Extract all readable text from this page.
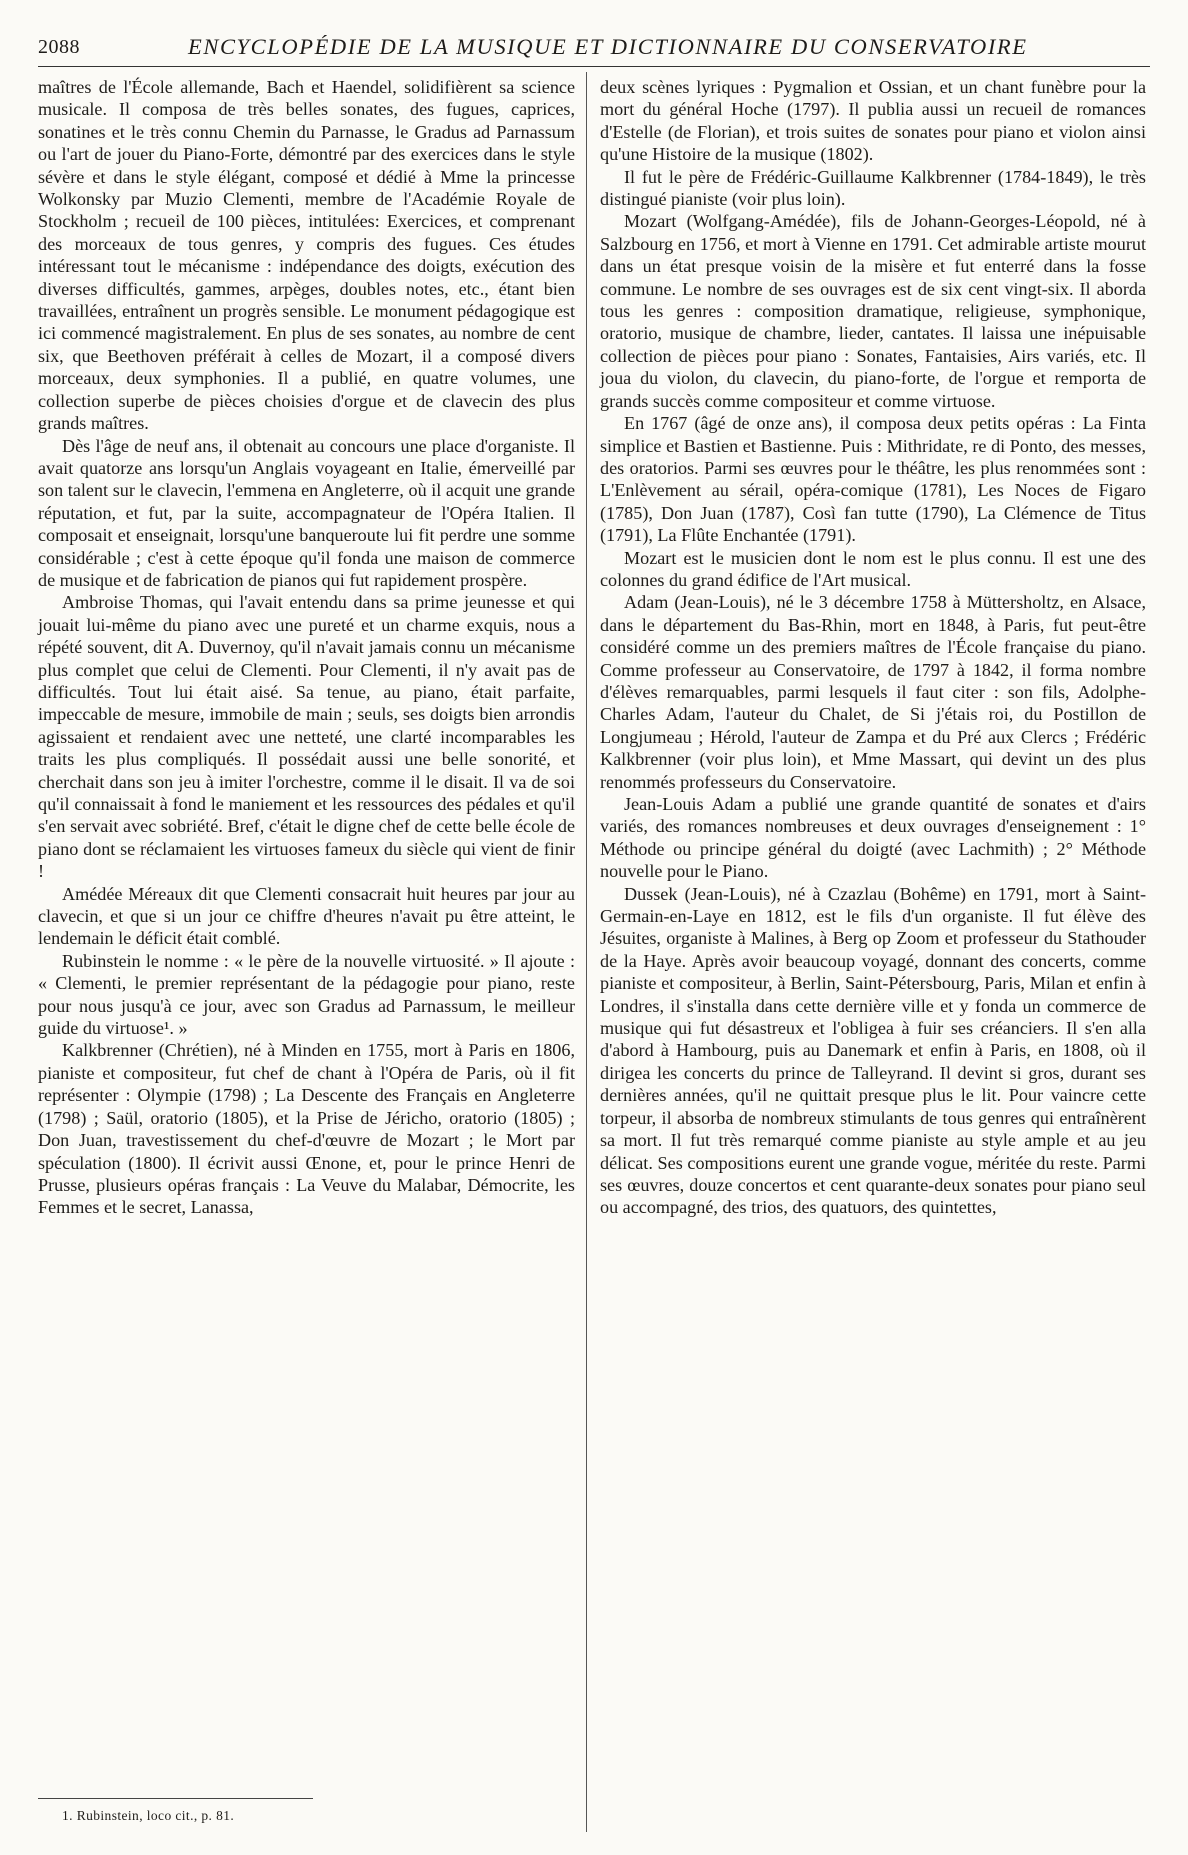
2088	ENCYCLOPÉDIE DE LA MUSIQUE ET DICTIONNAIRE DU CONSERVATOIRE

maîtres de l'École allemande, Bach et Haendel, solidifièrent sa science musicale. Il composa de très belles sonates, des fugues, caprices, sonatines et le très connu Chemin du Parnasse, le Gradus ad Parnassum ou l'art de jouer du Piano-Forte, démontré par des exercices dans le style sévère et dans le style élégant, composé et dédié à Mme la princesse Wolkonsky par Muzio Clementi, membre de l'Académie Royale de Stockholm ; recueil de 100 pièces, intitulées: Exercices, et comprenant des morceaux de tous genres, y compris des fugues. Ces études intéressant tout le mécanisme : indépendance des doigts, exécution des diverses difficultés, gammes, arpèges, doubles notes, etc., étant bien travaillées, entraînent un progrès sensible. Le monument pédagogique est ici commencé magistralement. En plus de ses sonates, au nombre de cent six, que Beethoven préférait à celles de Mozart, il a composé divers morceaux, deux symphonies. Il a publié, en quatre volumes, une collection superbe de pièces choisies d'orgue et de clavecin des plus grands maîtres.

Dès l'âge de neuf ans, il obtenait au concours une place d'organiste. Il avait quatorze ans lorsqu'un Anglais voyageant en Italie, émerveillé par son talent sur le clavecin, l'emmena en Angleterre, où il acquit une grande réputation, et fut, par la suite, accompagnateur de l'Opéra Italien. Il composait et enseignait, lorsqu'une banqueroute lui fit perdre une somme considérable ; c'est à cette époque qu'il fonda une maison de commerce de musique et de fabrication de pianos qui fut rapidement prospère.

Ambroise Thomas, qui l'avait entendu dans sa prime jeunesse et qui jouait lui-même du piano avec une pureté et un charme exquis, nous a répété souvent, dit A. Duvernoy, qu'il n'avait jamais connu un mécanisme plus complet que celui de Clementi. Pour Clementi, il n'y avait pas de difficultés. Tout lui était aisé. Sa tenue, au piano, était parfaite, impeccable de mesure, immobile de main ; seuls, ses doigts bien arrondis agissaient et rendaient avec une netteté, une clarté incomparables les traits les plus compliqués. Il possédait aussi une belle sonorité, et cherchait dans son jeu à imiter l'orchestre, comme il le disait. Il va de soi qu'il connaissait à fond le maniement et les ressources des pédales et qu'il s'en servait avec sobriété. Bref, c'était le digne chef de cette belle école de piano dont se réclamaient les virtuoses fameux du siècle qui vient de finir !

Amédée Méreaux dit que Clementi consacrait huit heures par jour au clavecin, et que si un jour ce chiffre d'heures n'avait pu être atteint, le lendemain le déficit était comblé.

Rubinstein le nomme : « le père de la nouvelle virtuosité. » Il ajoute : « Clementi, le premier représentant de la pédagogie pour piano, reste pour nous jusqu'à ce jour, avec son Gradus ad Parnassum, le meilleur guide du virtuose¹. »

Kalkbrenner (Chrétien), né à Minden en 1755, mort à Paris en 1806, pianiste et compositeur, fut chef de chant à l'Opéra de Paris, où il fit représenter : Olympie (1798) ; La Descente des Français en Angleterre (1798) ; Saül, oratorio (1805), et la Prise de Jéricho, oratorio (1805) ; Don Juan, travestissement du chef-d'œuvre de Mozart ; le Mort par spéculation (1800). Il écrivit aussi Œnone, et, pour le prince Henri de Prusse, plusieurs opéras français : La Veuve du Malabar, Démocrite, les Femmes et le secret, Lanassa,

deux scènes lyriques : Pygmalion et Ossian, et un chant funèbre pour la mort du général Hoche (1797). Il publia aussi un recueil de romances d'Estelle (de Florian), et trois suites de sonates pour piano et violon ainsi qu'une Histoire de la musique (1802).

Il fut le père de Frédéric-Guillaume Kalkbrenner (1784-1849), le très distingué pianiste (voir plus loin).

Mozart (Wolfgang-Amédée), fils de Johann-Georges-Léopold, né à Salzbourg en 1756, et mort à Vienne en 1791. Cet admirable artiste mourut dans un état presque voisin de la misère et fut enterré dans la fosse commune. Le nombre de ses ouvrages est de six cent vingt-six. Il aborda tous les genres : composition dramatique, religieuse, symphonique, oratorio, musique de chambre, lieder, cantates. Il laissa une inépuisable collection de pièces pour piano : Sonates, Fantaisies, Airs variés, etc. Il joua du violon, du clavecin, du piano-forte, de l'orgue et remporta de grands succès comme compositeur et comme virtuose.

En 1767 (âgé de onze ans), il composa deux petits opéras : La Finta simplice et Bastien et Bastienne. Puis : Mithridate, re di Ponto, des messes, des oratorios. Parmi ses œuvres pour le théâtre, les plus renommées sont : L'Enlèvement au sérail, opéra-comique (1781), Les Noces de Figaro (1785), Don Juan (1787), Così fan tutte (1790), La Clémence de Titus (1791), La Flûte Enchantée (1791).

Mozart est le musicien dont le nom est le plus connu. Il est une des colonnes du grand édifice de l'Art musical.

Adam (Jean-Louis), né le 3 décembre 1758 à Müttersholtz, en Alsace, dans le département du Bas-Rhin, mort en 1848, à Paris, fut peut-être considéré comme un des premiers maîtres de l'École française du piano. Comme professeur au Conservatoire, de 1797 à 1842, il forma nombre d'élèves remarquables, parmi lesquels il faut citer : son fils, Adolphe-Charles Adam, l'auteur du Chalet, de Si j'étais roi, du Postillon de Longjumeau ; Hérold, l'auteur de Zampa et du Pré aux Clercs ; Frédéric Kalkbrenner (voir plus loin), et Mme Massart, qui devint un des plus renommés professeurs du Conservatoire.

Jean-Louis Adam a publié une grande quantité de sonates et d'airs variés, des romances nombreuses et deux ouvrages d'enseignement : 1° Méthode ou principe général du doigté (avec Lachmith) ; 2° Méthode nouvelle pour le Piano.

Dussek (Jean-Louis), né à Czazlau (Bohême) en 1791, mort à Saint-Germain-en-Laye en 1812, est le fils d'un organiste. Il fut élève des Jésuites, organiste à Malines, à Berg op Zoom et professeur du Stathouder de la Haye. Après avoir beaucoup voyagé, donnant des concerts, comme pianiste et compositeur, à Berlin, Saint-Pétersbourg, Paris, Milan et enfin à Londres, il s'installa dans cette dernière ville et y fonda un commerce de musique qui fut désastreux et l'obligea à fuir ses créanciers. Il s'en alla d'abord à Hambourg, puis au Danemark et enfin à Paris, en 1808, où il dirigea les concerts du prince de Talleyrand. Il devint si gros, durant ses dernières années, qu'il ne quittait presque plus le lit. Pour vaincre cette torpeur, il absorba de nombreux stimulants de tous genres qui entraînèrent sa mort. Il fut très remarqué comme pianiste au style ample et au jeu délicat. Ses compositions eurent une grande vogue, méritée du reste. Parmi ses œuvres, douze concertos et cent quarante-deux sonates pour piano seul ou accompagné, des trios, des quatuors, des quintettes,

1. Rubinstein, loco cit., p. 81.
